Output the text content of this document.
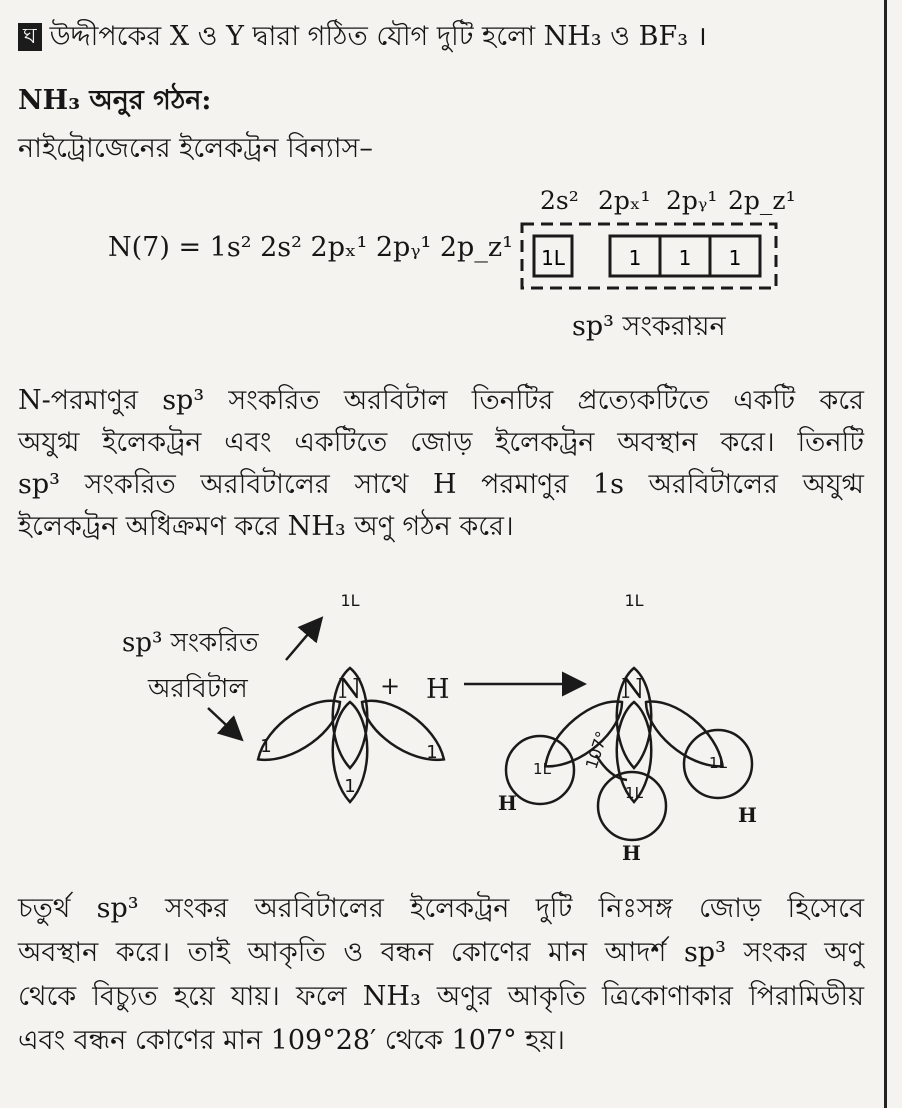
ঘ উদ্দীপকের X ও Y দ্বারা গঠিত যৌগ দুটি হলো NH₃ ও BF₃ ।
NH₃ অনুর গঠন:
নাইট্রোজেনের ইলেকট্রন বিন্যাস–
2s² 2pₓ¹ 2pᵧ¹ 2p_z¹
N(7) = 1s² 2s² 2pₓ¹ 2pᵧ¹ 2p_z¹ 1L	1 1 1
sp³ সংকরায়ন
N-পরমাণুর sp³ সংকরিত অরবিটাল তিনটির প্রত্যেকটিতে একটি করে
অযুগ্ম ইলেকট্রন এবং একটিতে জোড় ইলেকট্রন অবস্থান করে। তিনটি
sp³ সংকরিত অরবিটালের সাথে H পরমাণুর 1s অরবিটালের অযুগ্ম
ইলেকট্রন অধিক্রমণ করে NH₃ অণু গঠন করে।
1L
1
1
1
1L
1L
1L
1L
107°
N + H	N
H
H
H
sp³ সংকরিত
অরবিটাল
চতুর্থ sp³ সংকর অরবিটালের ইলেকট্রন দুটি নিঃসঙ্গ জোড় হিসেবে
অবস্থান করে। তাই আকৃতি ও বন্ধন কোণের মান আদর্শ sp³ সংকর অণু
থেকে বিচ্যুত হয়ে যায়। ফলে NH₃ অণুর আকৃতি ত্রিকোণাকার পিরামিডীয়
এবং বন্ধন কোণের মান 109°28′ থেকে 107° হয়।
